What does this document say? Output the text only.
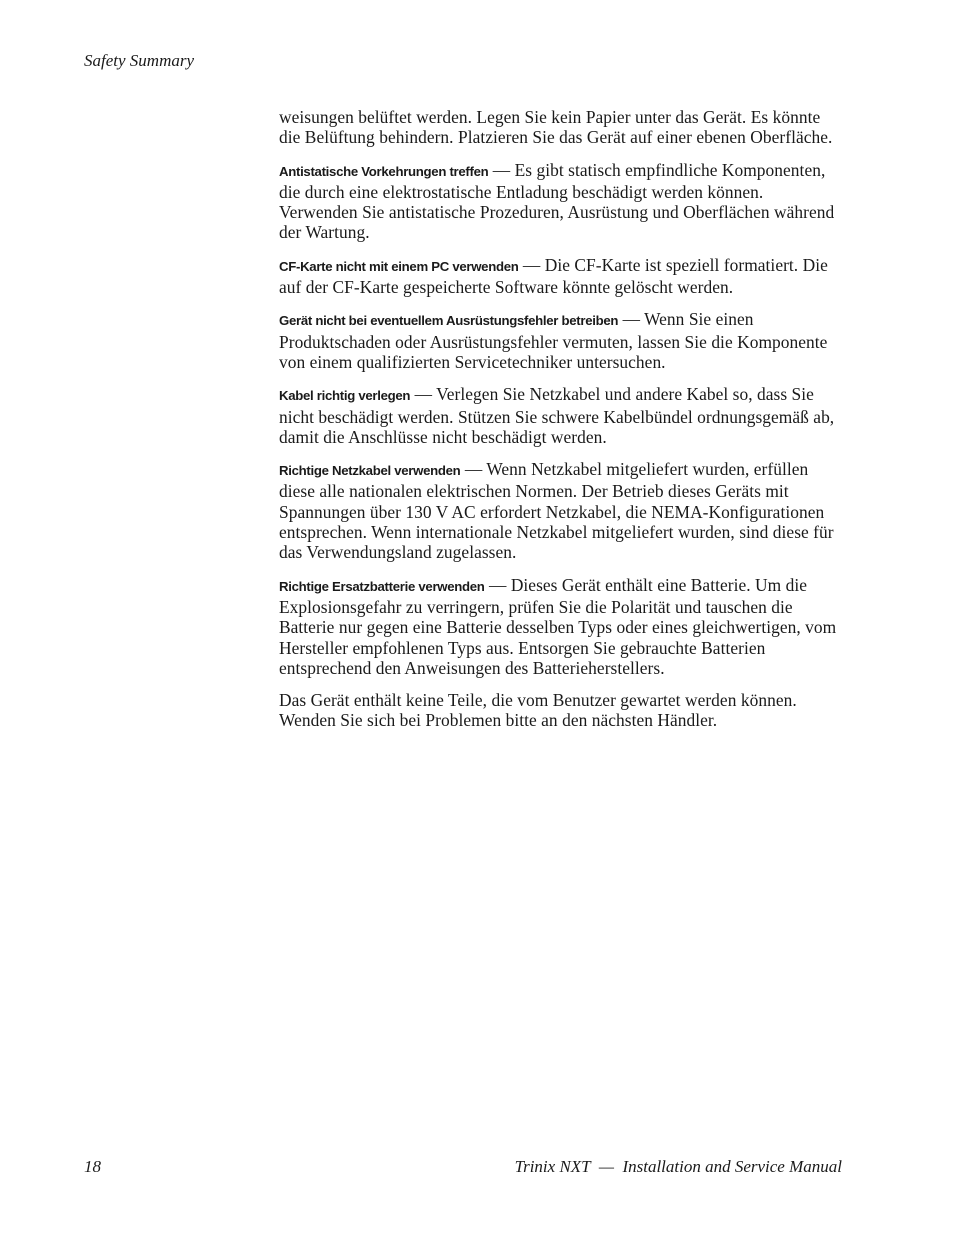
Safety Summary

weisungen belüftet werden. Legen Sie kein Papier unter das Gerät. Es könnte die Belüftung behindern. Platzieren Sie das Gerät auf einer ebenen Oberfläche.

Antistatische Vorkehrungen treffen — Es gibt statisch empfindliche Komponenten, die durch eine elektrostatische Entladung beschädigt werden können. Verwenden Sie antistatische Prozeduren, Ausrüstung und Oberflächen während der Wartung.

CF-Karte nicht mit einem PC verwenden — Die CF-Karte ist speziell formatiert. Die auf der CF-Karte gespeicherte Software könnte gelöscht werden.

Gerät nicht bei eventuellem Ausrüstungsfehler betreiben — Wenn Sie einen Produktschaden oder Ausrüstungsfehler vermuten, lassen Sie die Komponente von einem qualifizierten Servicetechniker untersuchen.

Kabel richtig verlegen — Verlegen Sie Netzkabel und andere Kabel so, dass Sie nicht beschädigt werden. Stützen Sie schwere Kabelbündel ordnungsgemäß ab, damit die Anschlüsse nicht beschädigt werden.

Richtige Netzkabel verwenden — Wenn Netzkabel mitgeliefert wurden, erfüllen diese alle nationalen elektrischen Normen. Der Betrieb dieses Geräts mit Spannungen über 130 V AC erfordert Netzkabel, die NEMA-Konfigurationen entsprechen. Wenn internationale Netzkabel mitgeliefert wurden, sind diese für das Verwendungsland zugelassen.

Richtige Ersatzbatterie verwenden — Dieses Gerät enthält eine Batterie. Um die Explosionsgefahr zu verringern, prüfen Sie die Polarität und tauschen die Batterie nur gegen eine Batterie desselben Typs oder eines gleichwertigen, vom Hersteller empfohlenen Typs aus. Entsorgen Sie gebrauchte Batterien entsprechend den Anweisungen des Batterieherstellers.

Das Gerät enthält keine Teile, die vom Benutzer gewartet werden können. Wenden Sie sich bei Problemen bitte an den nächsten Händler.

18	Trinix NXT  —  Installation and Service Manual
